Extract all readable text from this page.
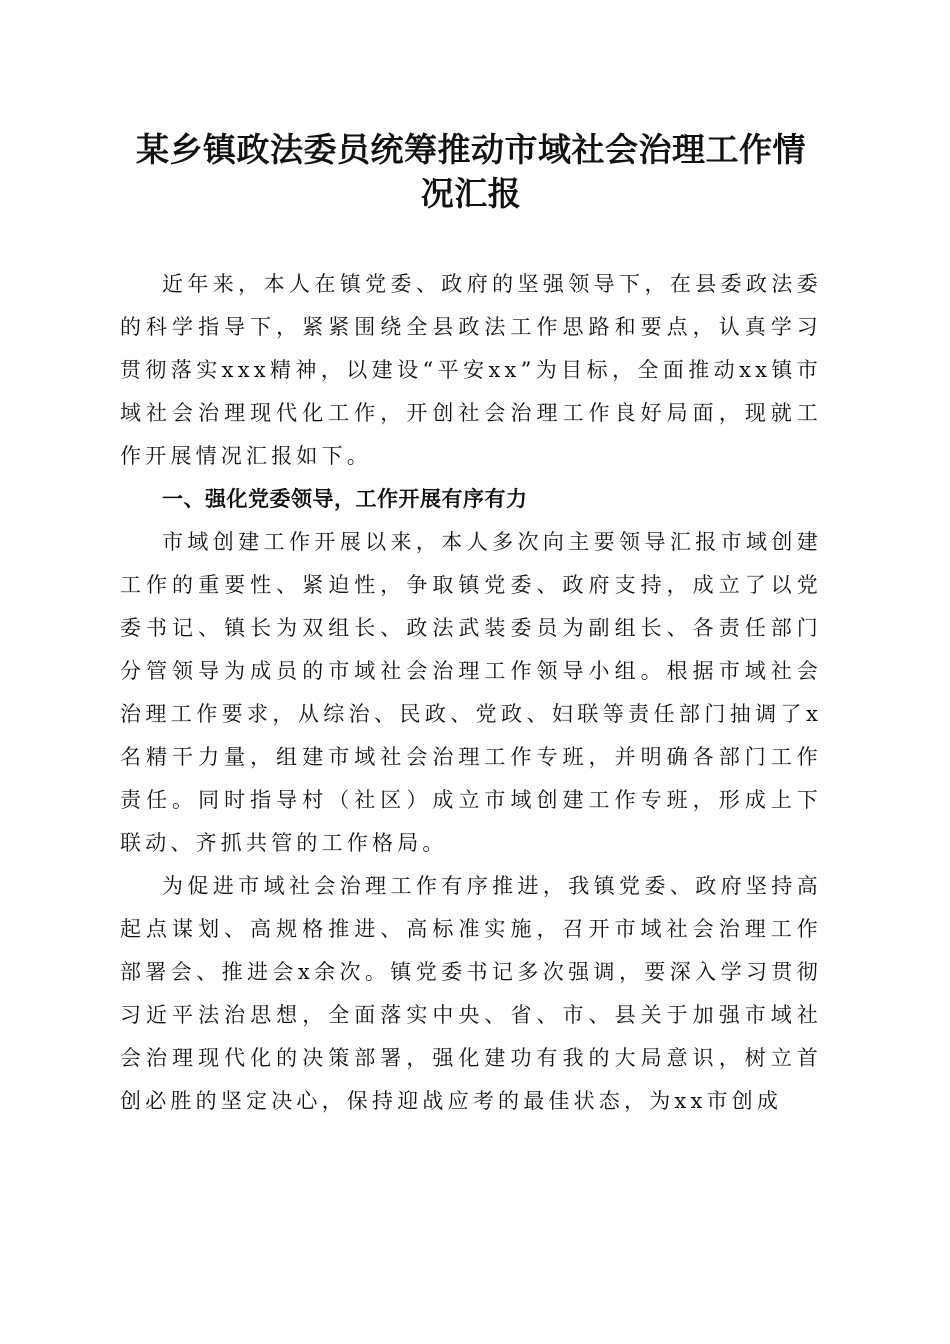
某乡镇政法委员统筹推动市域社会治理工作情
况汇报

近年来，本人在镇党委、政府的坚强领导下，在县委政法委的科学指导下，紧紧围绕全县政法工作思路和要点，认真学习贯彻落实xxx精神，以建设“平安xx”为目标，全面推动xx镇市域社会治理现代化工作，开创社会治理工作良好局面，现就工作开展情况汇报如下。

一、强化党委领导，工作开展有序有力

市域创建工作开展以来，本人多次向主要领导汇报市域创建工作的重要性、紧迫性，争取镇党委、政府支持，成立了以党委书记、镇长为双组长、政法武装委员为副组长、各责任部门分管领导为成员的市域社会治理工作领导小组。根据市域社会治理工作要求，从综治、民政、党政、妇联等责任部门抽调了x名精干力量，组建市域社会治理工作专班，并明确各部门工作责任。同时指导村（社区）成立市域创建工作专班，形成上下联动、齐抓共管的工作格局。

为促进市域社会治理工作有序推进，我镇党委、政府坚持高起点谋划、高规格推进、高标准实施，召开市域社会治理工作部署会、推进会x余次。镇党委书记多次强调，要深入学习贯彻习近平法治思想，全面落实中央、省、市、县关于加强市域社会治理现代化的决策部署，强化建功有我的大局意识，树立首创必胜的坚定决心，保持迎战应考的最佳状态，为xx市创成
